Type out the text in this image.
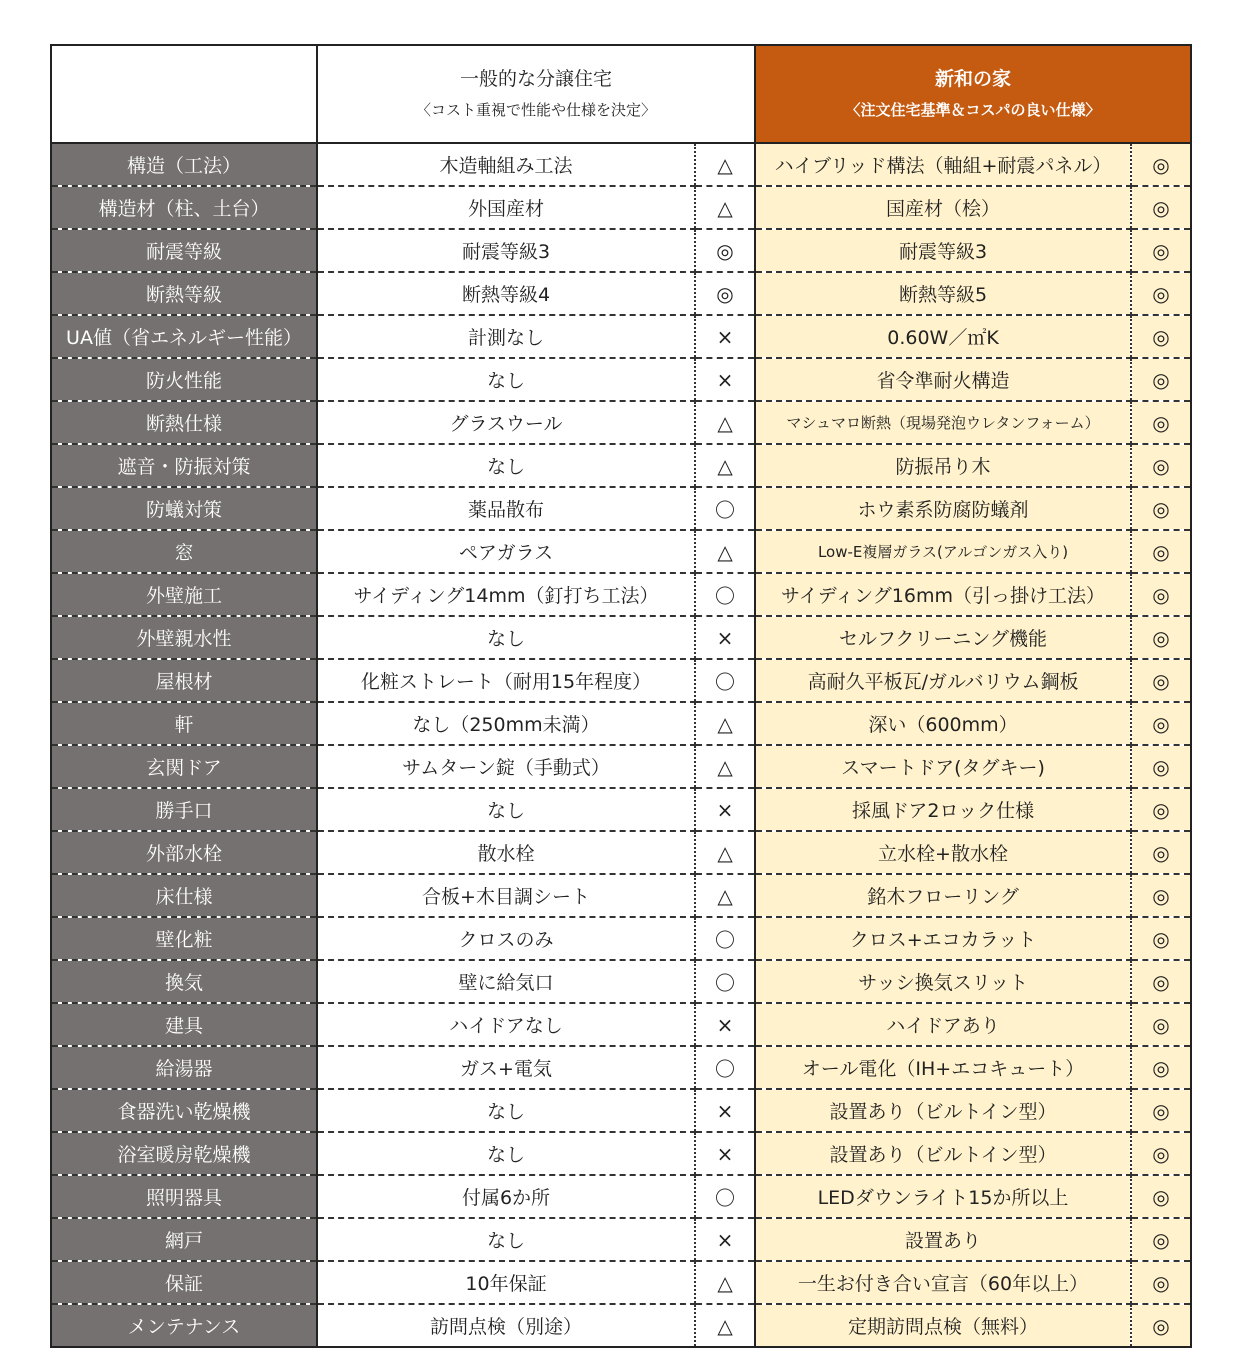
	一般的な分譲住宅
〈コスト重視で性能や仕様を決定〉		新和の家
〈注文住宅基準＆コスパの良い仕様〉	

構造（工法）	木造軸組み工法	△	ハイブリッド構法（軸組+耐震パネル）	◎
構造材（柱、土台）	外国産材	△	国産材（桧）	◎
耐震等級	耐震等級3	◎	耐震等級3	◎
断熱等級	断熱等級4	◎	断熱等級5	◎
UA値（省エネルギー性能）	計測なし	×	0.60W／㎡K	◎
防火性能	なし	×	省令準耐火構造	◎
断熱仕様	グラスウール	△	マシュマロ断熱（現場発泡ウレタンフォーム）	◎
遮音・防振対策	なし	△	防振吊り木	◎
防蟻対策	薬品散布	〇	ホウ素系防腐防蟻剤	◎
窓	ペアガラス	△	Low-E複層ガラス(アルゴンガス入り)	◎
外壁施工	サイディング14mm（釘打ち工法）	〇	サイディング16mm（引っ掛け工法）	◎
外壁親水性	なし	×	セルフクリーニング機能	◎
屋根材	化粧ストレート（耐用15年程度）	〇	高耐久平板瓦/ガルバリウム鋼板	◎
軒	なし（250mm未満）	△	深い（600mm）	◎
玄関ドア	サムターン錠（手動式）	△	スマートドア(タグキー)	◎
勝手口	なし	×	採風ドア2ロック仕様	◎
外部水栓	散水栓	△	立水栓+散水栓	◎
床仕様	合板+木目調シート	△	銘木フローリング	◎
壁化粧	クロスのみ	〇	クロス+エコカラット	◎
換気	壁に給気口	〇	サッシ換気スリット	◎
建具	ハイドアなし	×	ハイドアあり	◎
給湯器	ガス+電気	〇	オール電化（IH+エコキュート）	◎
食器洗い乾燥機	なし	×	設置あり（ビルトイン型）	◎
浴室暖房乾燥機	なし	×	設置あり（ビルトイン型）	◎
照明器具	付属6か所	〇	LEDダウンライト15か所以上	◎
網戸	なし	×	設置あり	◎
保証	10年保証	△	一生お付き合い宣言（60年以上）	◎
メンテナンス	訪問点検（別途）	△	定期訪問点検（無料）	◎
